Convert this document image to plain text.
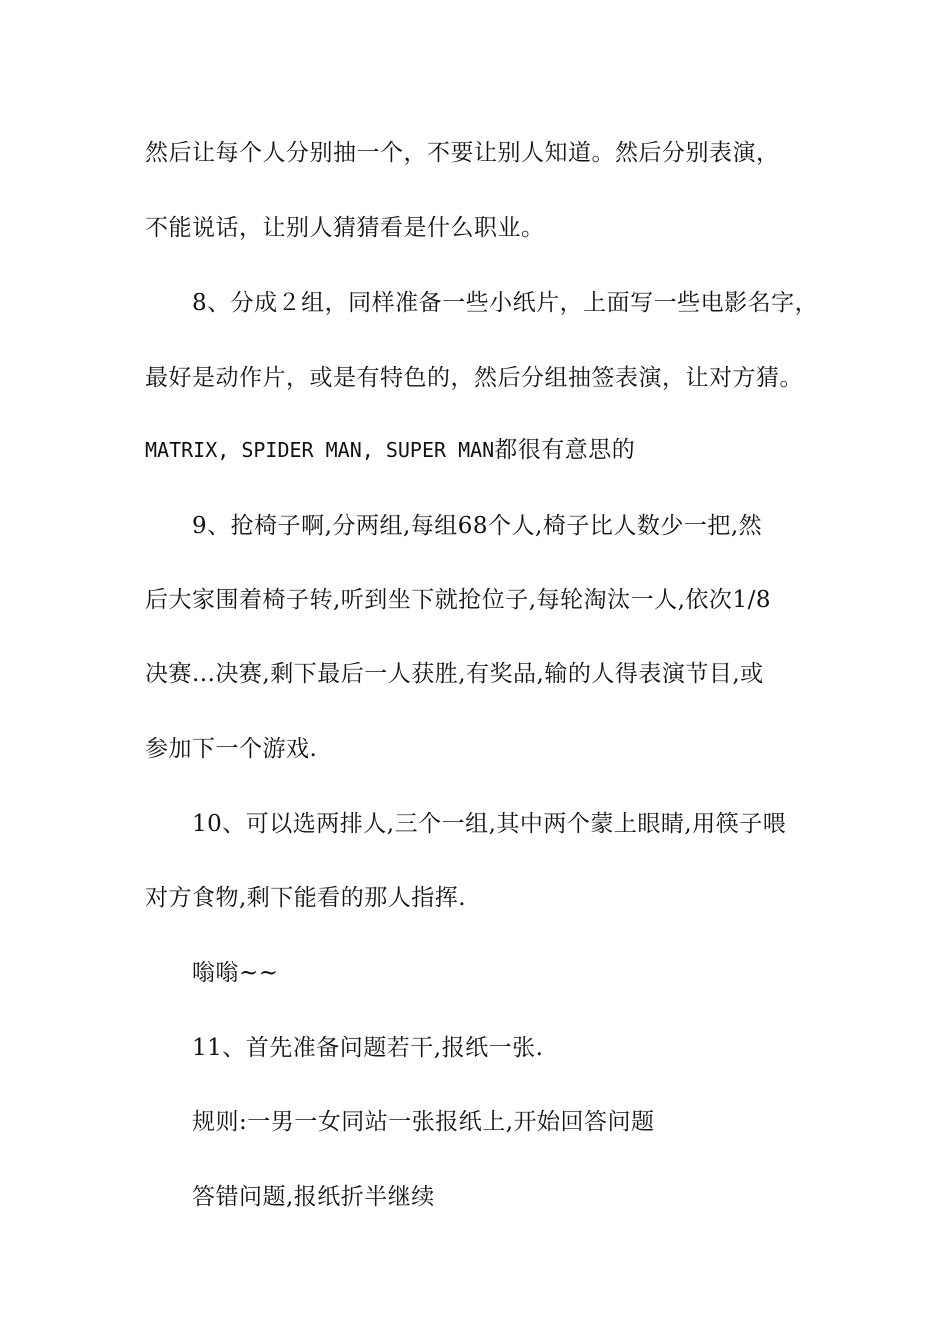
然后让每个人分别抽一个，不要让别人知道。然后分别表演，
不能说话，让别人猜猜看是什么职业。
8、分成２组，同样准备一些小纸片，上面写一些电影名字，
最好是动作片，或是有特色的，然后分组抽签表演，让对方猜。
MATRIX, SPIDER MAN, SUPER MAN都很有意思的
9、抢椅子啊,分两组,每组68个人,椅子比人数少一把,然
后大家围着椅子转,听到坐下就抢位子,每轮淘汰一人,依次1/8
决赛...决赛,剩下最后一人获胜,有奖品,输的人得表演节目,或
参加下一个游戏.
10、可以选两排人,三个一组,其中两个蒙上眼睛,用筷子喂
对方食物,剩下能看的那人指挥.
嗡嗡~~
11、首先准备问题若干,报纸一张.
规则:一男一女同站一张报纸上,开始回答问题
答错问题,报纸折半继续
